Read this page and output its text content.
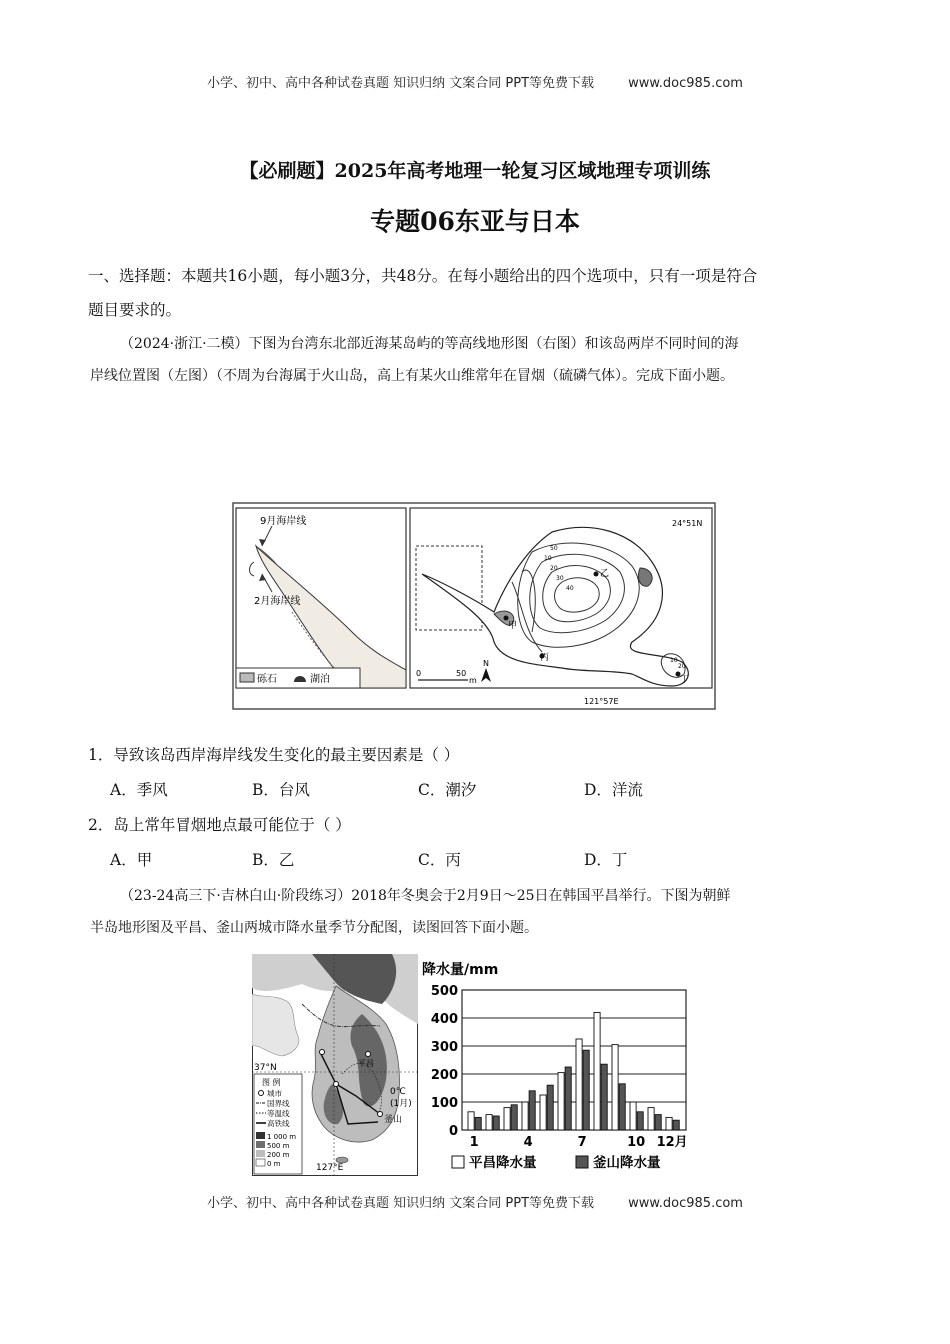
小学、初中、高中各种试卷真题 知识归纳 文案合同 PPT等免费下载	www.doc985.com
【必刷题】2025年高考地理一轮复习区域地理专项训练
专题06东亚与日本
一、选择题：本题共16小题，每小题3分，共48分。在每小题给出的四个选项中，只有一项是符合
题目要求的。
（2024·浙江·二模）下图为台湾东北部近海某岛屿的等高线地形图（右图）和该岛两岸不同时间的海
岸线位置图（左图）（不周为台海属于火山岛，高上有某火山维常年在冒烟（硫磷气体）。完成下面小题。
9月海岸线
2月海岸线
砾石	湖泊
甲
乙
丙
丁
10
20
30
40
50
10
20
24°51N
121°57E
0	50
m
N
1．导致该岛西岸海岸线发生变化的最主要因素是（ ）
A．季风	B．台风	C．潮汐	D．洋流
2．岛上常年冒烟地点最可能位于（ ）
A．甲	B．乙	C．丙	D．丁
（23-24高三下·吉林白山·阶段练习）2018年冬奥会于2月9日～25日在韩国平昌举行。下图为朝鲜
半岛地形图及平昌、釜山两城市降水量季节分配图，读图回答下面小题。
平昌
釜山
0℃
(1月)
37°N
127°E
图 例
城市
国界线
等温线
高铁线
1 000 m
500 m
200 m
0 m
降水量/mm
0
100
200
300
400
500
1	4	7	10 12月
平昌降水量	釜山降水量
小学、初中、高中各种试卷真题 知识归纳 文案合同 PPT等免费下载	www.doc985.com
